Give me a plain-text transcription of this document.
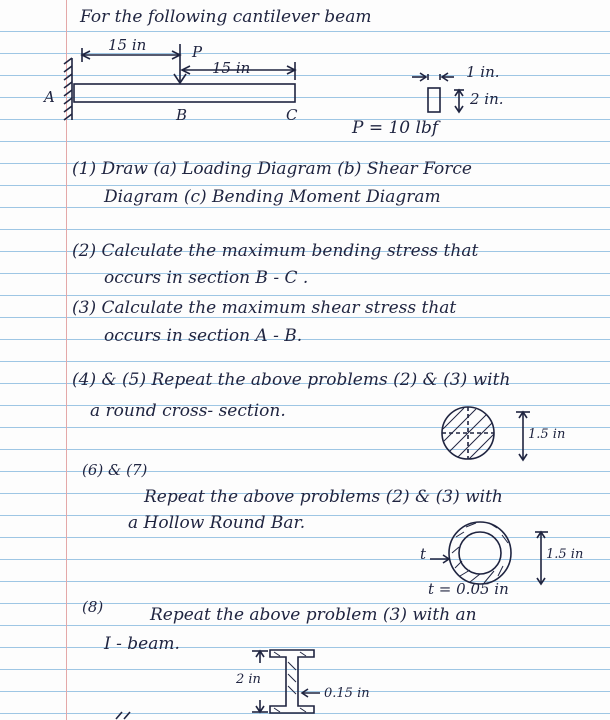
For the following cantilever beam
15 in	P
15 in
A
B	C
1 in.
2 in.
P = 10 lbf
(1) Draw (a) Loading Diagram (b) Shear Force
Diagram (c) Bending Moment Diagram
(2) Calculate the maximum bending stress that
occurs in section B - C .
(3) Calculate the maximum shear stress that
occurs in section A - B.
(4) & (5) Repeat the above problems (2) & (3) with
a round cross- section.
1.5 in
(6) & (7)
Repeat the above problems (2) & (3) with
a Hollow Round Bar.
t	1.5 in
t = 0.05 in
(8)	Repeat the above problem (3) with an
I - beam.
2 in
0.15 in
